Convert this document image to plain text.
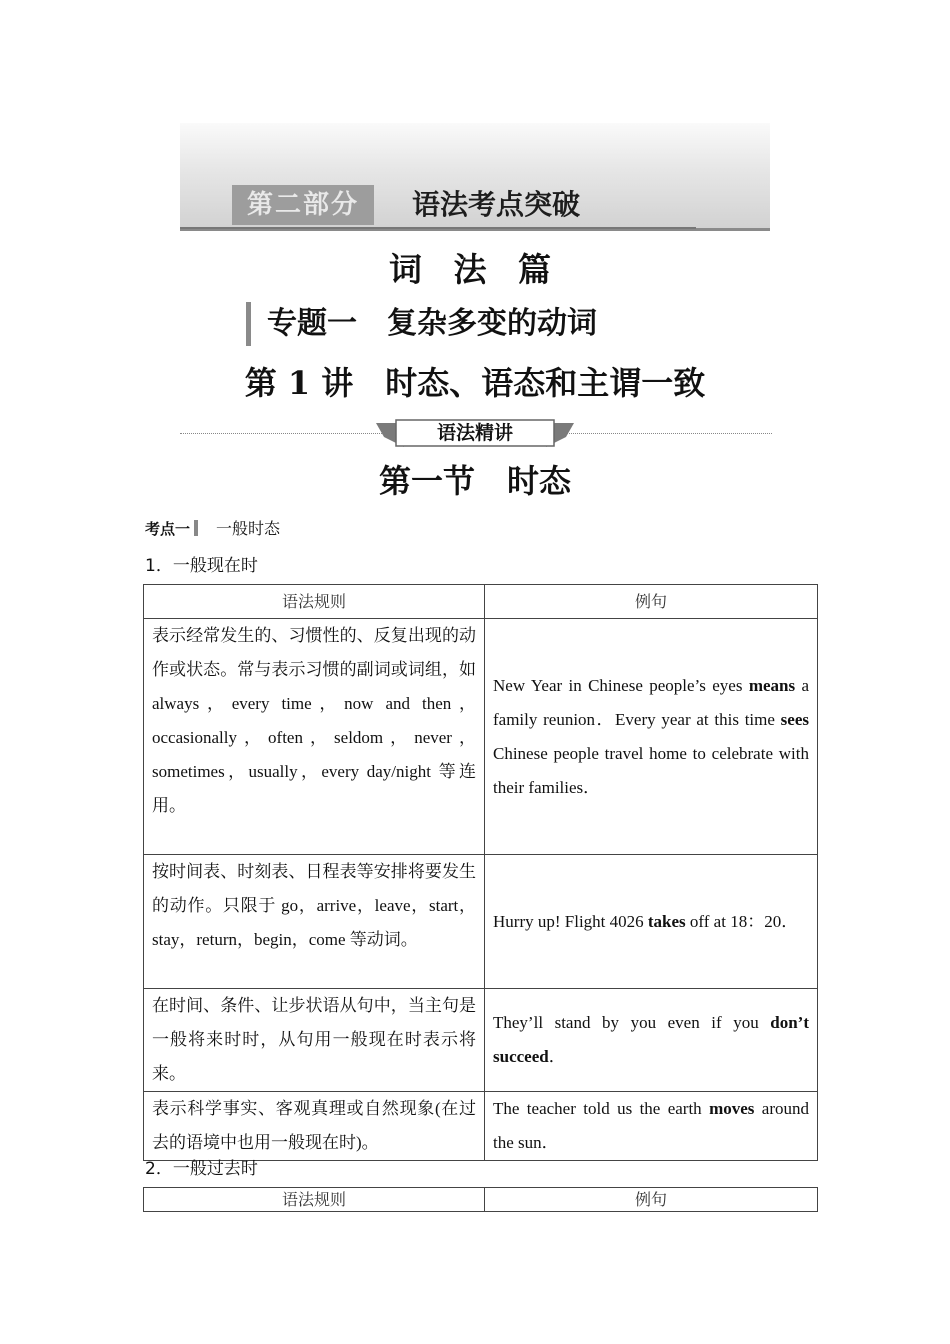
第二部分	语法考点突破
词 法 篇
专题一　复杂多变的动词
第 1 讲　时态、语态和主谓一致
语法精讲
第一节　时态
考点一 一般时态
1．一般现在时
语法规则	例句
表示经常发生的、习惯性的、反复出现的动作或状态。常与表示习惯的副词或词组，如 always，every time，now and then，occasionally，often，seldom，never，sometimes，usually，every day/night 等连用。	New Year in Chinese people’s eyes means a family reunion．Every year at this time sees Chinese people travel home to celebrate with their families．
按时间表、时刻表、日程表等安排将要发生的动作。只限于 go，arrive，leave，start，stay，return，begin，come 等动词。	Hurry up! Flight 4026 takes off at 18：20．
在时间、条件、让步状语从句中，当主句是一般将来时时，从句用一般现在时表示将来。	They’ll stand by you even if you don’t succeed．
表示科学事实、客观真理或自然现象(在过去的语境中也用一般现在时)。	The teacher told us the earth moves around the sun．
2．一般过去时
语法规则	例句
